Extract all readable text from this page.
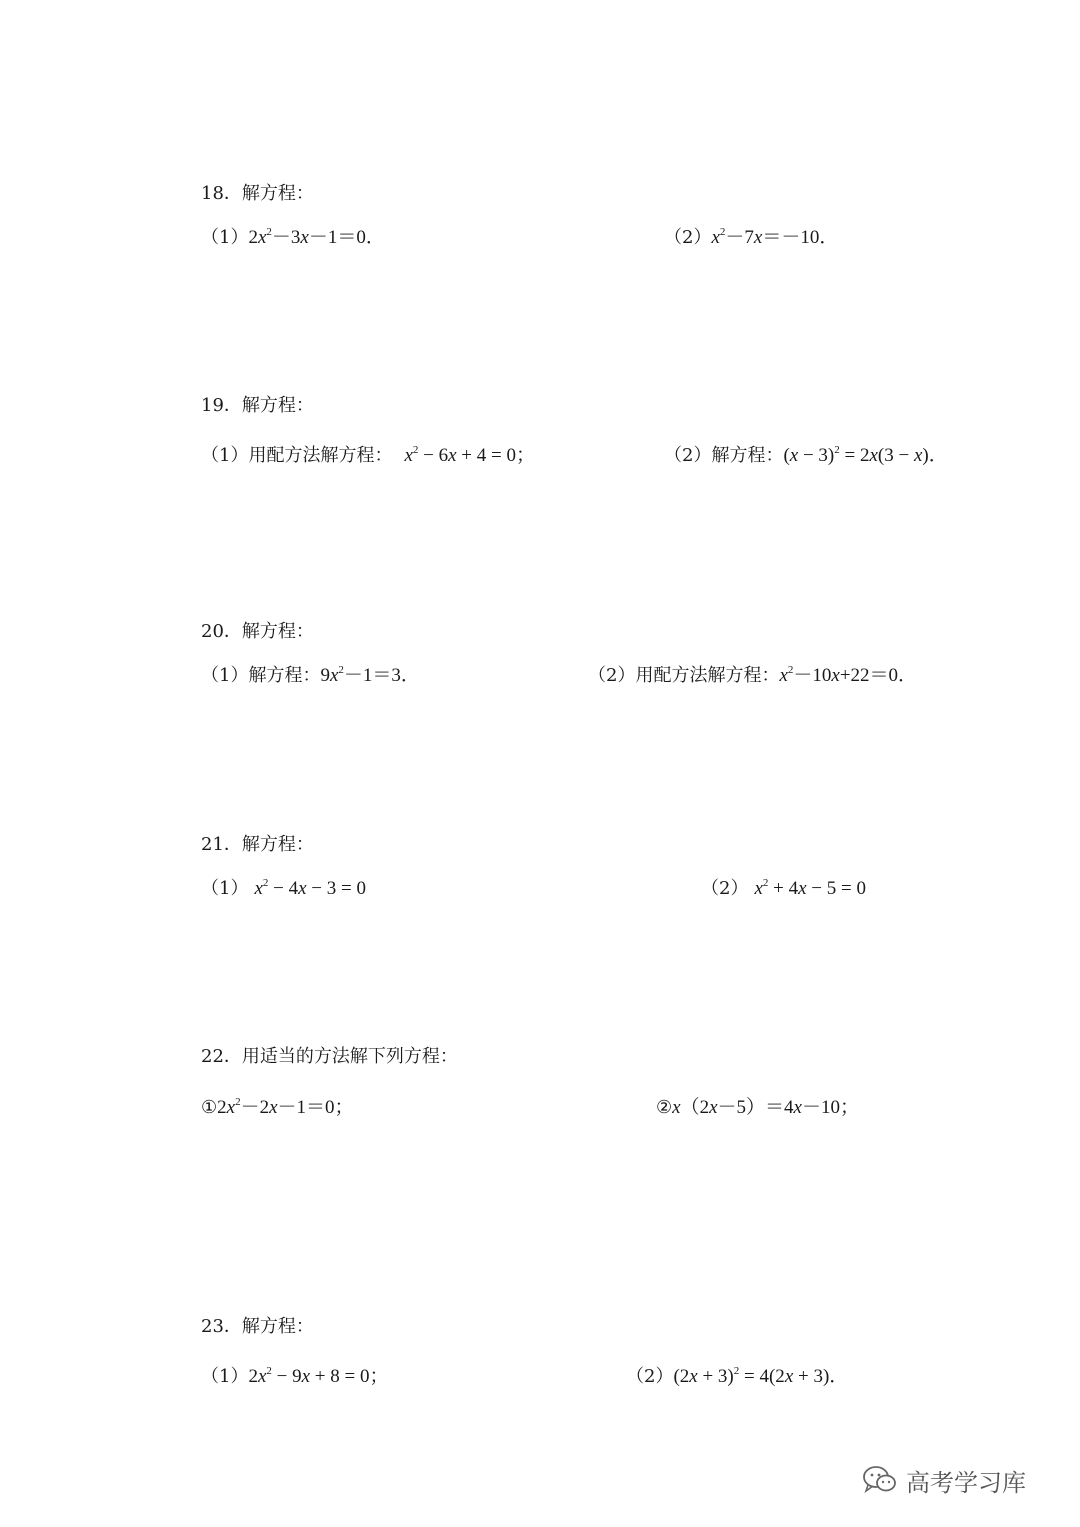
18．解方程：
$(1)2x^2-3x-1=0$．	$(2)x^2-7x=-10$．
19．解方程：
（1）用配方法解方程： $x^2 - 6x + 4 = 0$；	（2）解方程：$(x - 3)^2 = 2x(3 - x)$．
20．解方程：
（1）解方程：$9x^2-1=3$．	（2）用配方法解方程：$x^2-10x+22=0$．
21．解方程：
（1） $x^2 - 4x - 3 = 0$	（2） $x^2 + 4x - 5 = 0$
22．用适当的方法解下列方程：
$①2x^2-2x-1=0$；	②x（2x－5）＝4x－10；
23．解方程：
$(1)2x^2 - 9x + 8 = 0$；	$(2)(2x + 3)^2 = 4(2x + 3)$．
高考学习库
